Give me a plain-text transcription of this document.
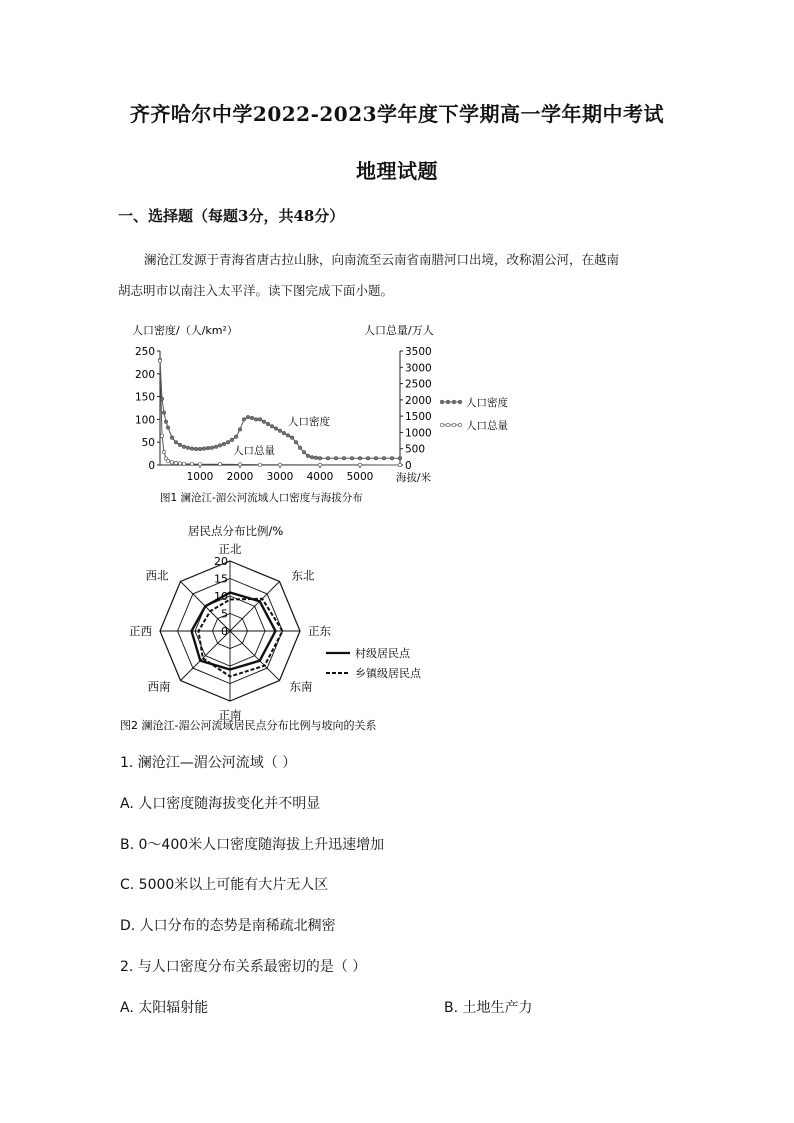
齐齐哈尔中学2022-2023学年度下学期高一学年期中考试
地理试题
一、选择题（每题3分，共48分）
澜沧江发源于青海省唐古拉山脉，向南流至云南省南腊河口出境，改称湄公河，在越南
胡志明市以南注入太平洋。读下图完成下面小题。
人口密度/（人/km²）	人口总量/万人
0
50
100
150
200
250
0
500
1000
1500
2000
2500
3000
3500
1000 2000 3000 4000 5000 海拔/米
人口密度
人口总量
人口密度
人口总量
图1 澜沧江-湄公河流域人口密度与海拔分布
居民点分布比例/%
正北
东北
正东
东南
正南
西南
正西
西北
20
15
10
5
0
村级居民点
乡镇级居民点
图2 澜沧江-湄公河流域居民点分布比例与坡向的关系
1. 澜沧江—湄公河流域（ ）
A. 人口密度随海拔变化并不明显
B. 0～400米人口密度随海拔上升迅速增加
C. 5000米以上可能有大片无人区
D. 人口分布的态势是南稀疏北稠密
2. 与人口密度分布关系最密切的是（ ）
A. 太阳辐射能	B. 土地生产力
